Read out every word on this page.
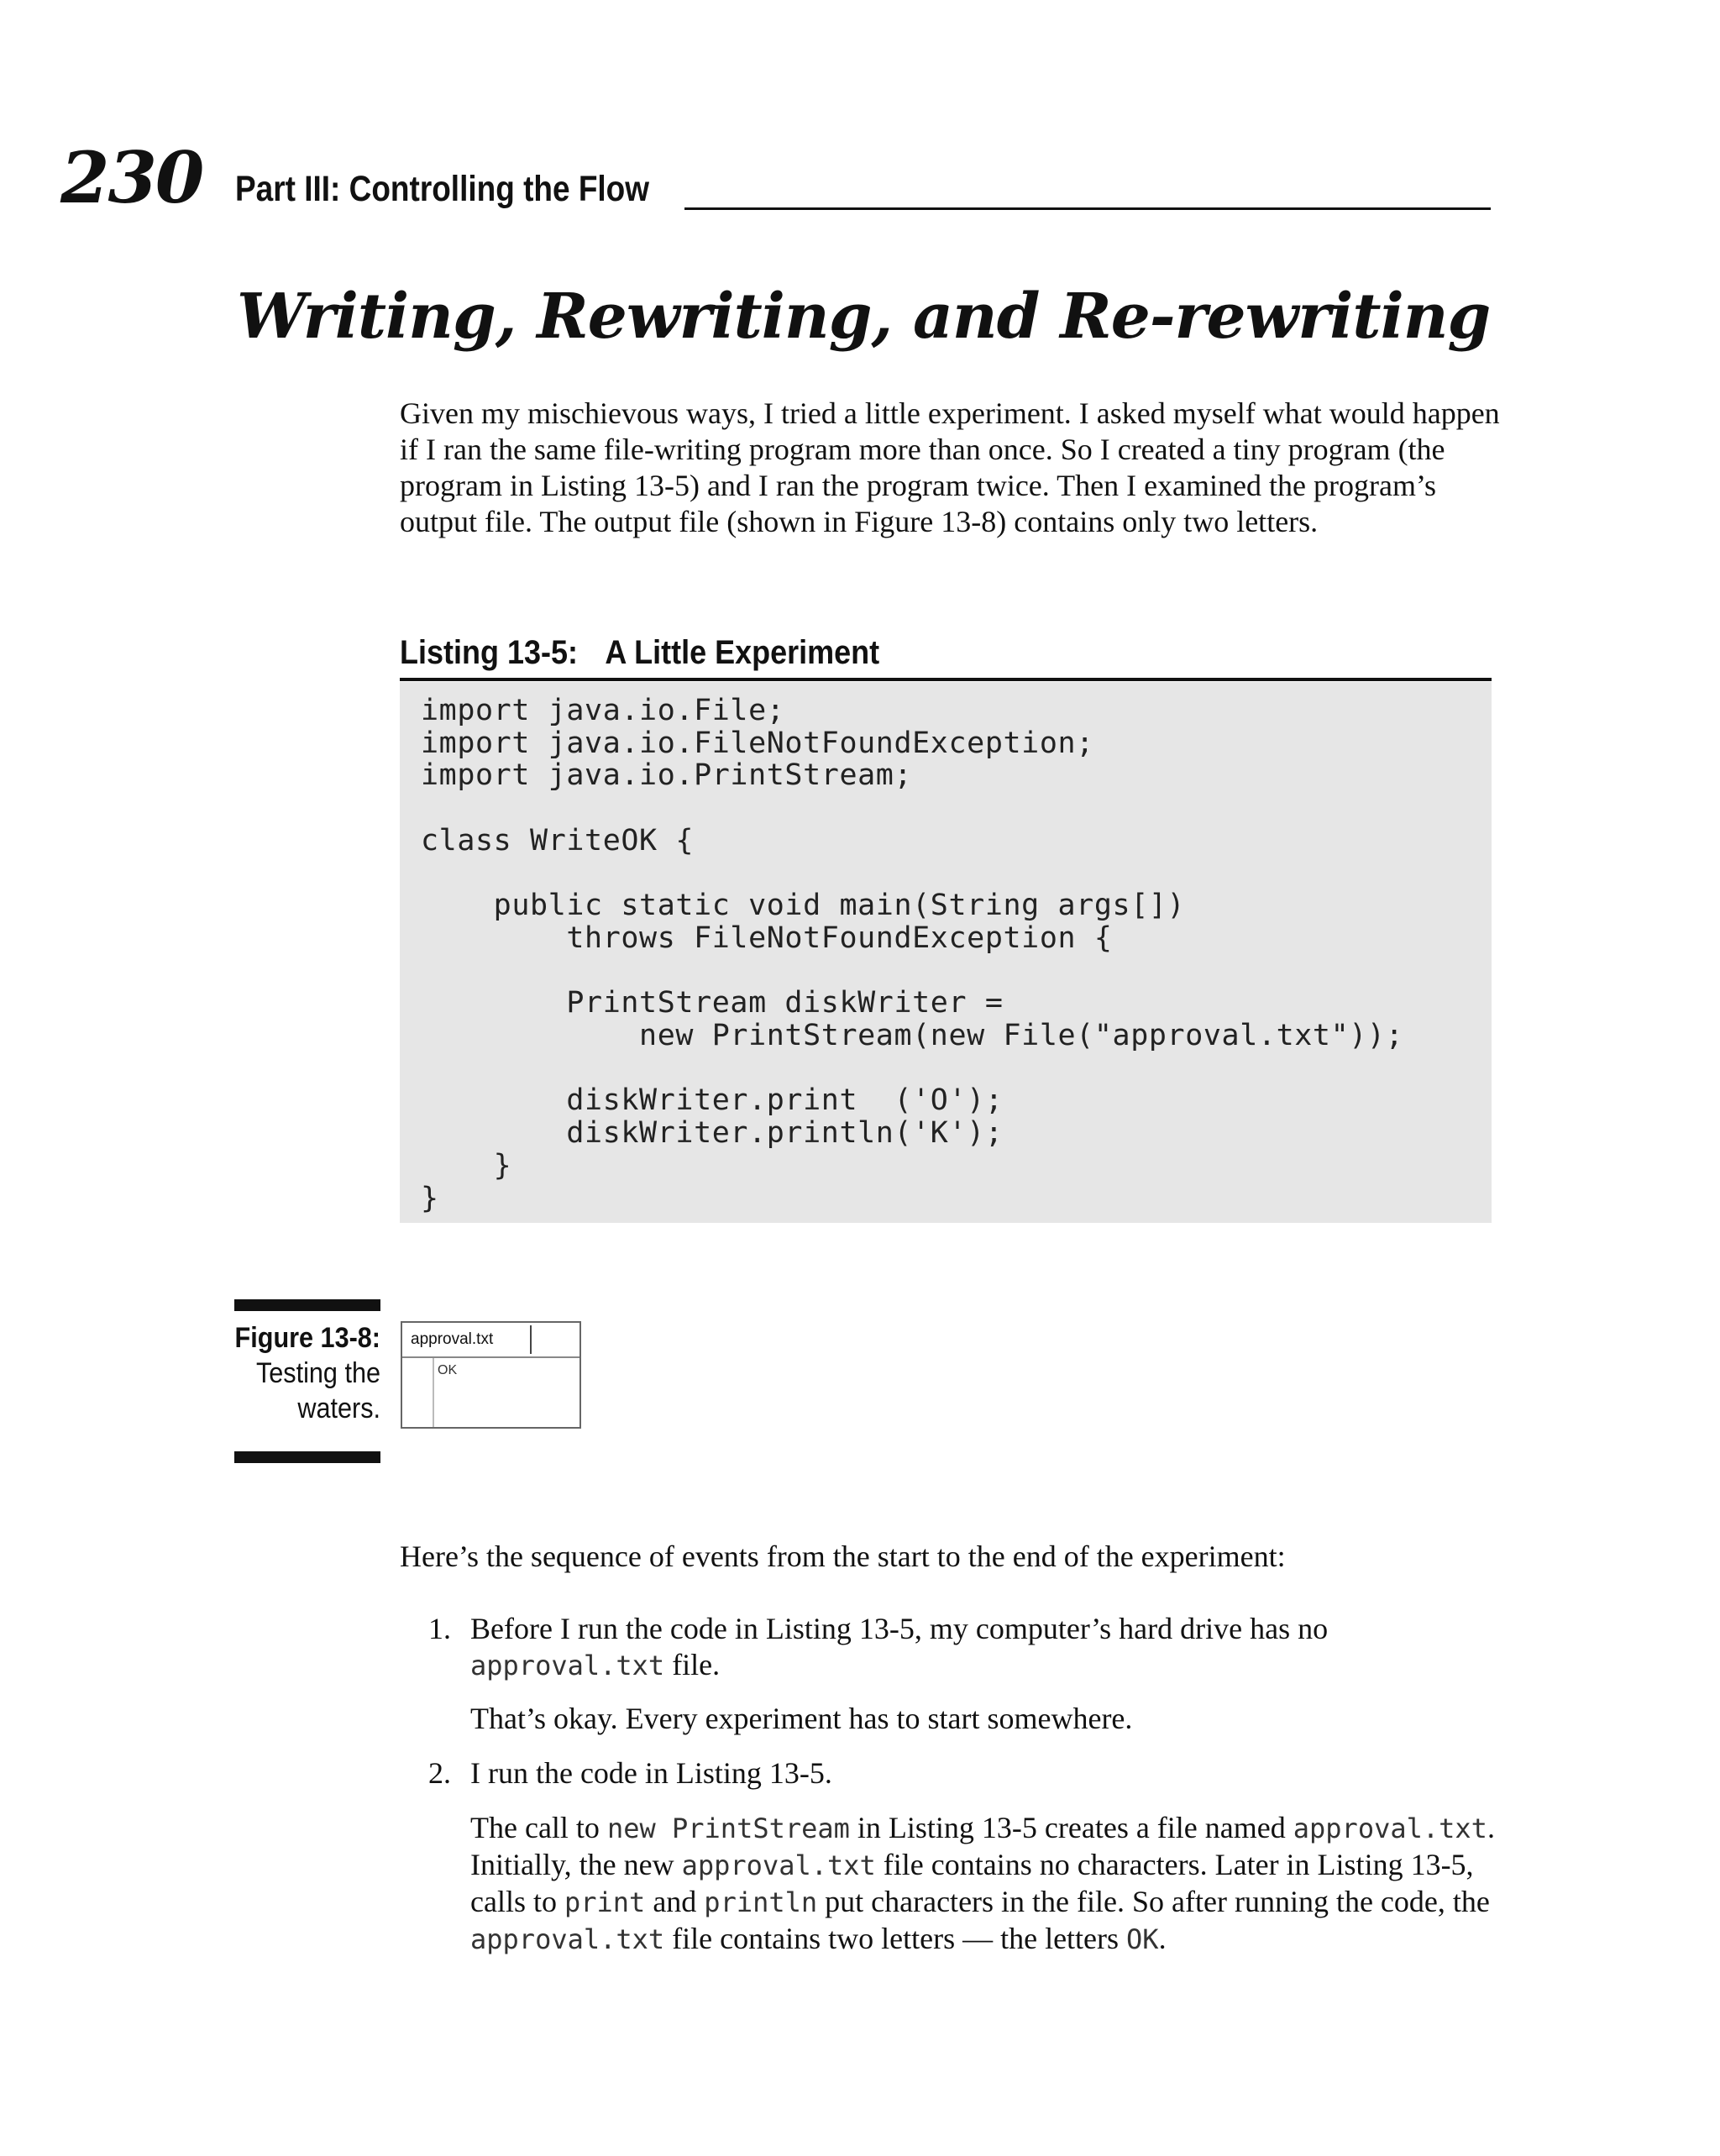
230 Part III: Controlling the Flow
Writing, Rewriting, and Re-rewriting

Given my mischievous ways, I tried a little experiment. I asked myself what would happen if I ran the same file-writing program more than once. So I created a tiny program (the program in Listing 13-5) and I ran the program twice. Then I examined the program’s output file. The output file (shown in Figure 13-8) contains only two letters.

Listing 13-5: A Little Experiment
import java.io.File;
import java.io.FileNotFoundException;
import java.io.PrintStream;

class WriteOK {

public static void main(String args[])
throws FileNotFoundException {

PrintStream diskWriter =
new PrintStream(new File("approval.txt"));

diskWriter.print  ('O');
diskWriter.println('K');
}
}
Figure 13-8:
Testing the
waters.
approval.txt
OK

Here’s the sequence of events from the start to the end of the experiment:

1. Before I run the code in Listing 13-5, my computer’s hard drive has no
approval.txt file.

That’s okay. Every experiment has to start somewhere.

2. I run the code in Listing 13-5.

The call to new PrintStream in Listing 13-5 creates a file named approval.txt. Initially, the new approval.txt file contains no characters. Later in Listing 13-5, calls to print and println put characters in the file. So after running the code, the approval.txt file contains two letters — the letters OK.
